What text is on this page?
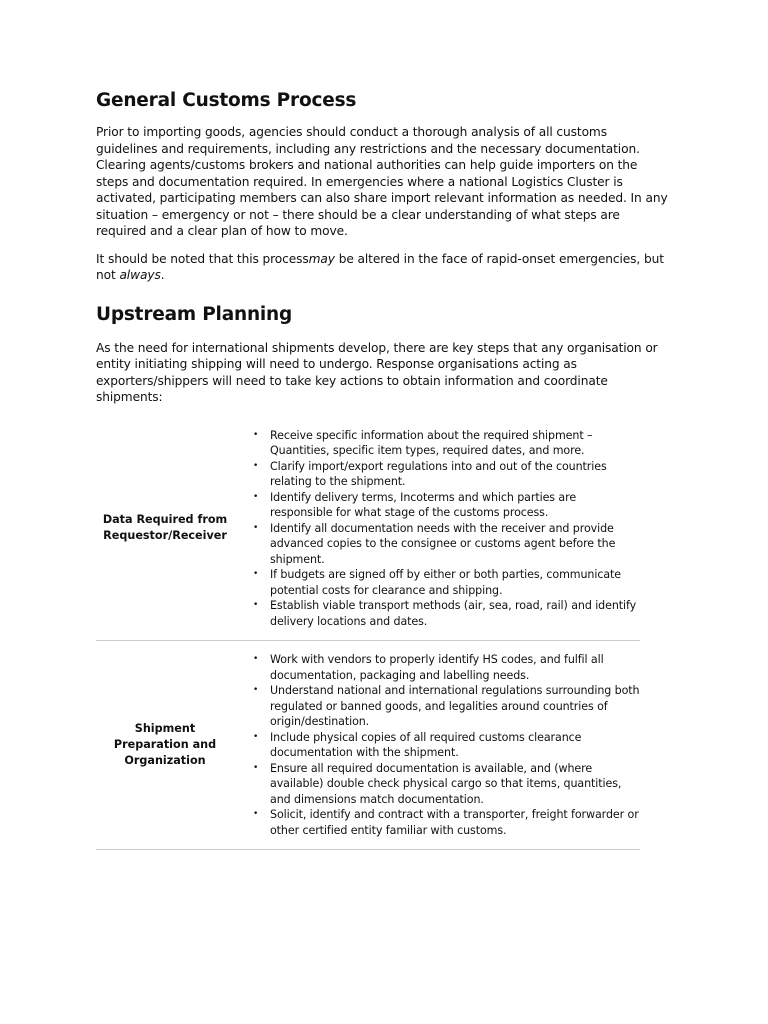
General Customs Process

Prior to importing goods, agencies should conduct a thorough analysis of all customs guidelines and requirements, including any restrictions and the necessary documentation. Clearing agents/customs brokers and national authorities can help guide importers on the steps and documentation required. In emergencies where a national Logistics Cluster is activated, participating members can also share import relevant information as needed. In any situation – emergency or not – there should be a clear understanding of what steps are required and a clear plan of how to move.

It should be noted that this processmay be altered in the face of rapid-onset emergencies, but not always.

Upstream Planning

As the need for international shipments develop, there are key steps that any organisation or entity initiating shipping will need to undergo. Response organisations acting as exporters/shippers will need to take key actions to obtain information and coordinate shipments:

Data Required from Requestor/Receiver
• Receive specific information about the required shipment – Quantities, specific item types, required dates, and more.
• Clarify import/export regulations into and out of the countries relating to the shipment.
• Identify delivery terms, Incoterms and which parties are responsible for what stage of the customs process.
• Identify all documentation needs with the receiver and provide advanced copies to the consignee or customs agent before the shipment.
• If budgets are signed off by either or both parties, communicate potential costs for clearance and shipping.
• Establish viable transport methods (air, sea, road, rail) and identify delivery locations and dates.
Shipment Preparation and Organization
• Work with vendors to properly identify HS codes, and fulfil all documentation, packaging and labelling needs.
• Understand national and international regulations surrounding both regulated or banned goods, and legalities around countries of origin/destination.
• Include physical copies of all required customs clearance documentation with the shipment.
• Ensure all required documentation is available, and (where available) double check physical cargo so that items, quantities, and dimensions match documentation.
• Solicit, identify and contract with a transporter, freight forwarder or other certified entity familiar with customs.
